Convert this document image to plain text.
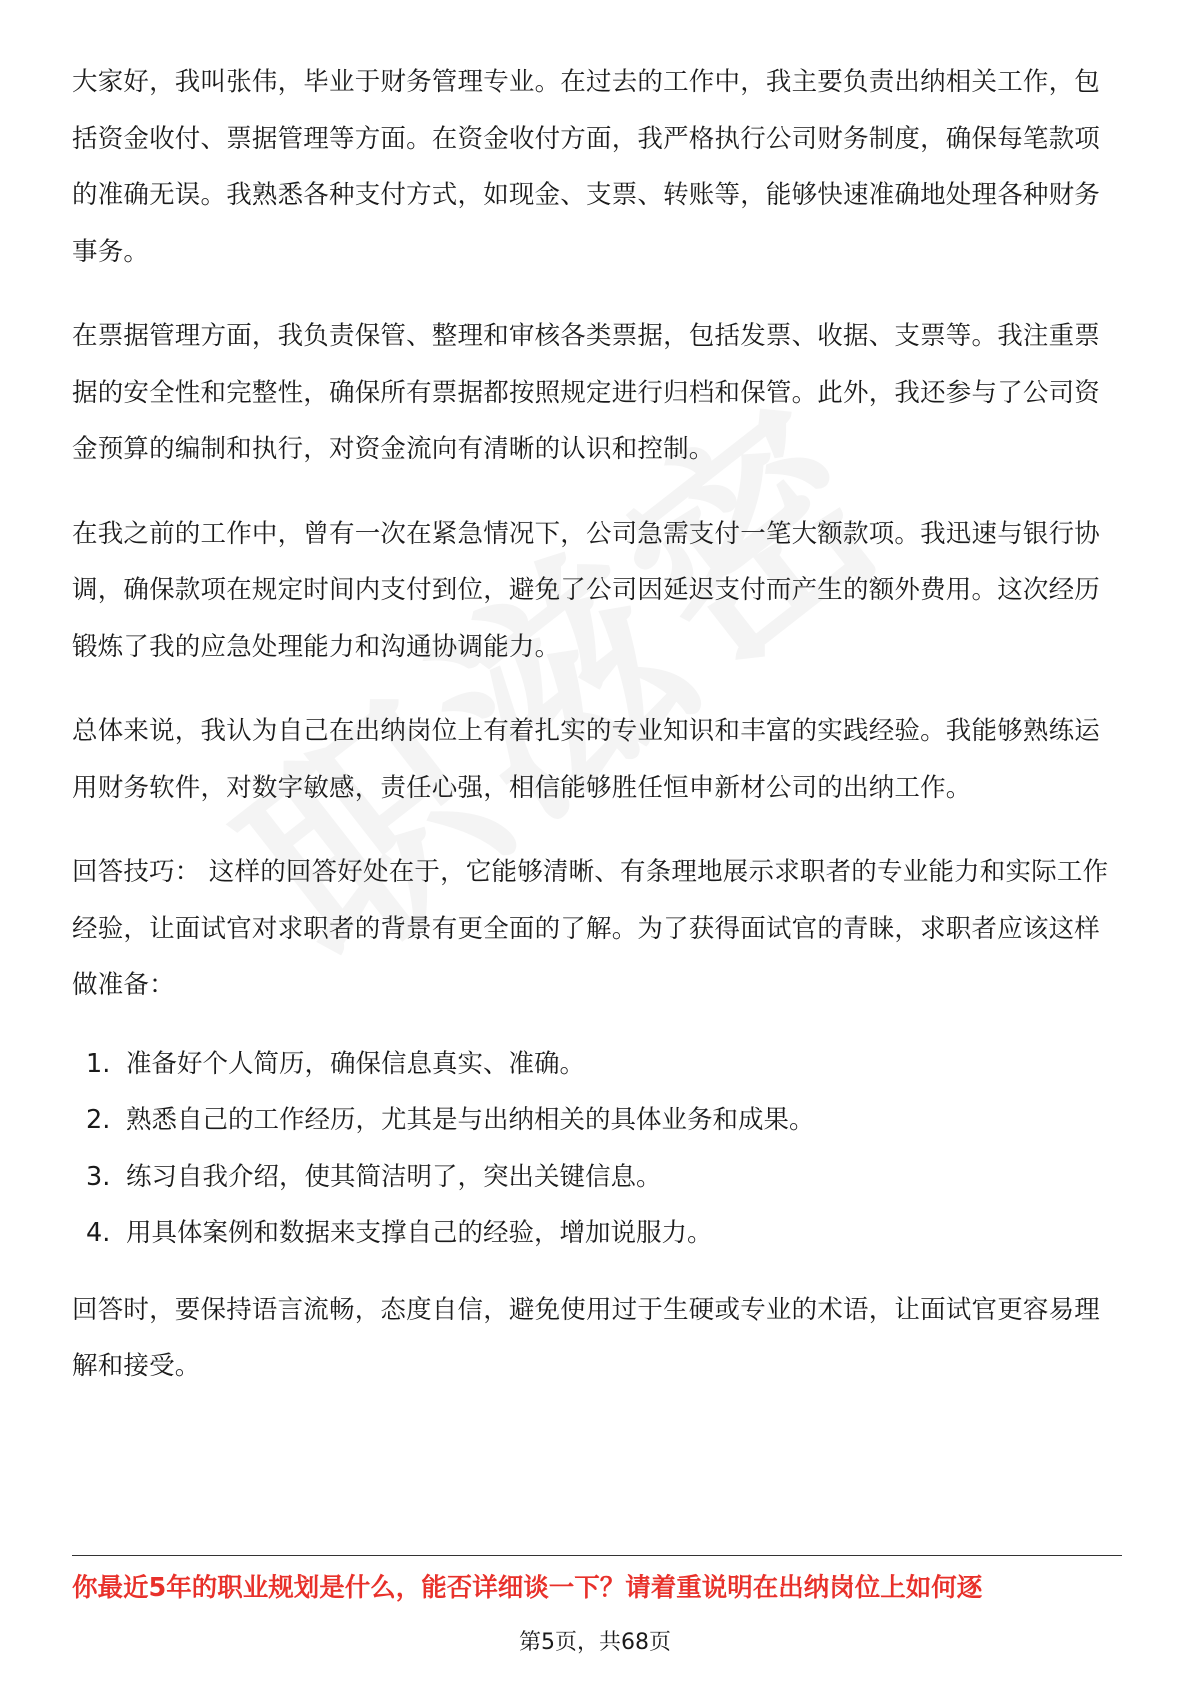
大家好，我叫张伟，毕业于财务管理专业。在过去的工作中，我主要负责出纳相关工作，包括资金收付、票据管理等方面。在资金收付方面，我严格执行公司财务制度，确保每笔款项的准确无误。我熟悉各种支付方式，如现金、支票、转账等，能够快速准确地处理各种财务事务。

在票据管理方面，我负责保管、整理和审核各类票据，包括发票、收据、支票等。我注重票据的安全性和完整性，确保所有票据都按照规定进行归档和保管。此外，我还参与了公司资金预算的编制和执行，对资金流向有清晰的认识和控制。

在我之前的工作中，曾有一次在紧急情况下，公司急需支付一笔大额款项。我迅速与银行协调，确保款项在规定时间内支付到位，避免了公司因延迟支付而产生的额外费用。这次经历锻炼了我的应急处理能力和沟通协调能力。

总体来说，我认为自己在出纳岗位上有着扎实的专业知识和丰富的实践经验。我能够熟练运用财务软件，对数字敏感，责任心强，相信能够胜任恒申新材公司的出纳工作。

回答技巧： 这样的回答好处在于，它能够清晰、有条理地展示求职者的专业能力和实际工作经验，让面试官对求职者的背景有更全面的了解。为了获得面试官的青睐，求职者应该这样做准备：

1. 准备好个人简历，确保信息真实、准确。
2. 熟悉自己的工作经历，尤其是与出纳相关的具体业务和成果。
3. 练习自我介绍，使其简洁明了，突出关键信息。
4. 用具体案例和数据来支撑自己的经验，增加说服力。

回答时，要保持语言流畅，态度自信，避免使用过于生硬或专业的术语，让面试官更容易理解和接受。

你最近5年的职业规划是什么，能否详细谈一下？请着重说明在出纳岗位上如何逐
第5页，共68页
